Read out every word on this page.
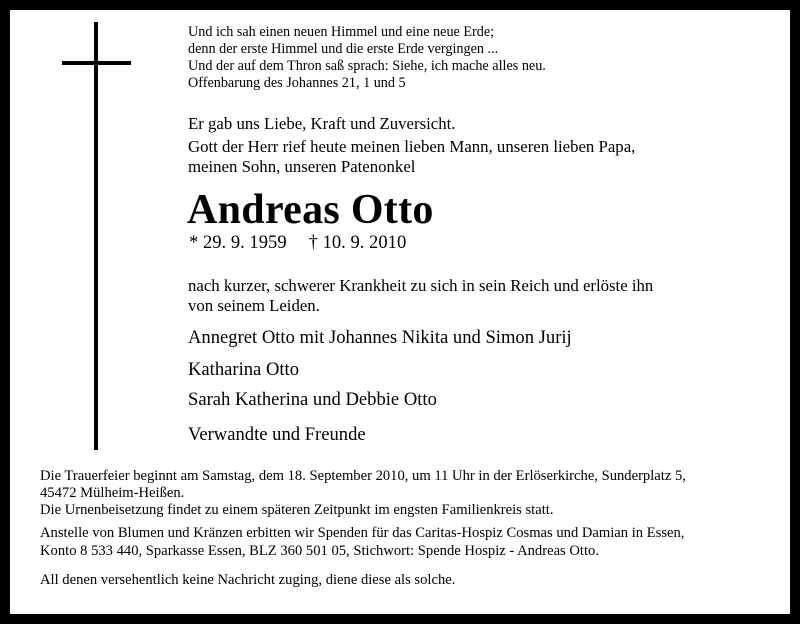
Und ich sah einen neuen Himmel und eine neue Erde;

denn der erste Himmel und die erste Erde vergingen ...

Und der auf dem Thron saß sprach: Siehe, ich mache alles neu.

Offenbarung des Johannes 21, 1 und 5

Er gab uns Liebe, Kraft und Zuversicht.

Gott der Herr rief heute meinen lieben Mann, unseren lieben Papa,

meinen Sohn, unseren Patenonkel

Andreas Otto

* 29. 9. 1959 † 10. 9. 2010

nach kurzer, schwerer Krankheit zu sich in sein Reich und erlöste ihn

von seinem Leiden.

Annegret Otto mit Johannes Nikita und Simon Jurij

Katharina Otto

Sarah Katherina und Debbie Otto

Verwandte und Freunde

Die Trauerfeier beginnt am Samstag, dem 18. September 2010, um 11 Uhr in der Erlöserkirche, Sunderplatz 5,

45472 Mülheim-Heißen.

Die Urnenbeisetzung findet zu einem späteren Zeitpunkt im engsten Familienkreis statt.

Anstelle von Blumen und Kränzen erbitten wir Spenden für das Caritas-Hospiz Cosmas und Damian in Essen,

Konto 8 533 440, Sparkasse Essen, BLZ 360 501 05, Stichwort: Spende Hospiz - Andreas Otto.

All denen versehentlich keine Nachricht zuging, diene diese als solche.
